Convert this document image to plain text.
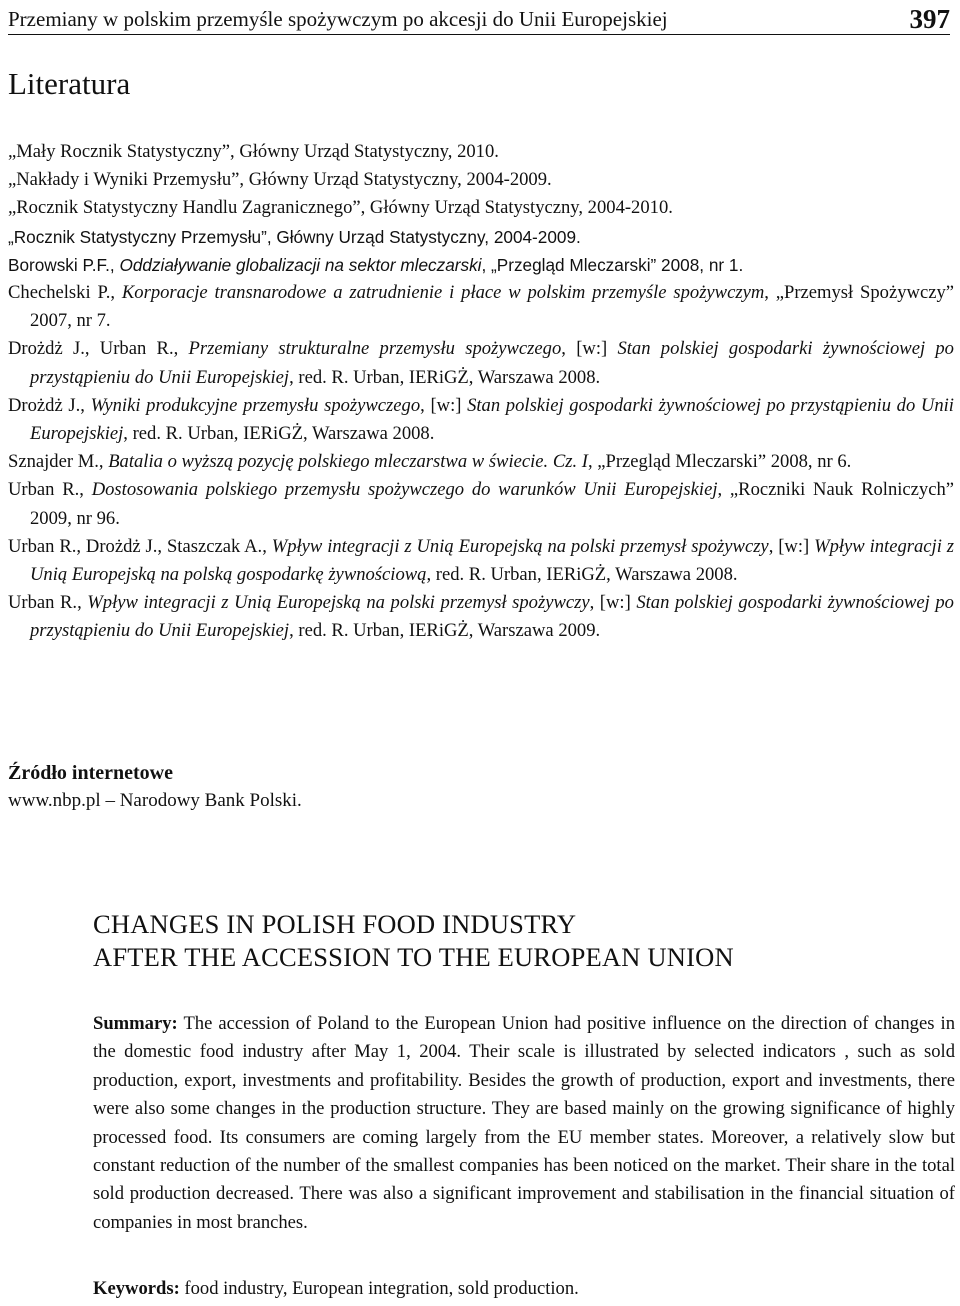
Przemiany w polskim przemyśle spożywczym po akcesji do Unii Europejskiej	397
Literatura
„Mały Rocznik Statystyczny”, Główny Urząd Statystyczny, 2010.
„Nakłady i Wyniki Przemysłu”, Główny Urząd Statystyczny, 2004-2009.
„Rocznik Statystyczny Handlu Zagranicznego”, Główny Urząd Statystyczny, 2004-2010.
„Rocznik Statystyczny Przemysłu”, Główny Urząd Statystyczny, 2004-2009.
Borowski P.F., Oddziaływanie globalizacji na sektor mleczarski, „Przegląd Mleczarski” 2008, nr 1.
Chechelski P., Korporacje transnarodowe a zatrudnienie i płace w polskim przemyśle spożywczym, „Przemysł Spożywczy” 2007, nr 7.
Drożdż J., Urban R., Przemiany strukturalne przemysłu spożywczego, [w:] Stan polskiej gospodarki żywnościowej po przystąpieniu do Unii Europejskiej, red. R. Urban, IERiGŻ, Warszawa 2008.
Drożdż J., Wyniki produkcyjne przemysłu spożywczego, [w:] Stan polskiej gospodarki żywnościowej po przystąpieniu do Unii Europejskiej, red. R. Urban, IERiGŻ, Warszawa 2008.
Sznajder M., Batalia o wyższą pozycję polskiego mleczarstwa w świecie. Cz. I, „Przegląd Mleczarski” 2008, nr 6.
Urban R., Dostosowania polskiego przemysłu spożywczego do warunków Unii Europejskiej, „Roczniki Nauk Rolniczych” 2009, nr 96.
Urban R., Drożdż J., Staszczak A., Wpływ integracji z Unią Europejską na polski przemysł spożywczy, [w:] Wpływ integracji z Unią Europejską na polską gospodarkę żywnościową, red. R. Urban, IERiGŻ, Warszawa 2008.
Urban R., Wpływ integracji z Unią Europejską na polski przemysł spożywczy, [w:] Stan polskiej gospodarki żywnościowej po przystąpieniu do Unii Europejskiej, red. R. Urban, IERiGŻ, Warszawa 2009.
Źródło internetowe
www.nbp.pl – Narodowy Bank Polski.
CHANGES IN POLISH FOOD INDUSTRY
AFTER THE ACCESSION TO THE EUROPEAN UNION

Summary: The accession of Poland to the European Union had positive influence on the direction of changes in the domestic food industry after May 1, 2004. Their scale is illustrated by selected indicators , such as sold production, export, investments and profitability. Besides the growth of production, export and investments, there were also some changes in the production structure. They are based mainly on the growing significance of highly processed food. Its consumers are coming largely from the EU member states. Moreover, a relatively slow but constant reduction of the number of the smallest companies has been noticed on the market. Their share in the total sold production decreased. There was also a significant improvement and stabilisation in the financial situation of companies in most branches.

Keywords: food industry, European integration, sold production.
